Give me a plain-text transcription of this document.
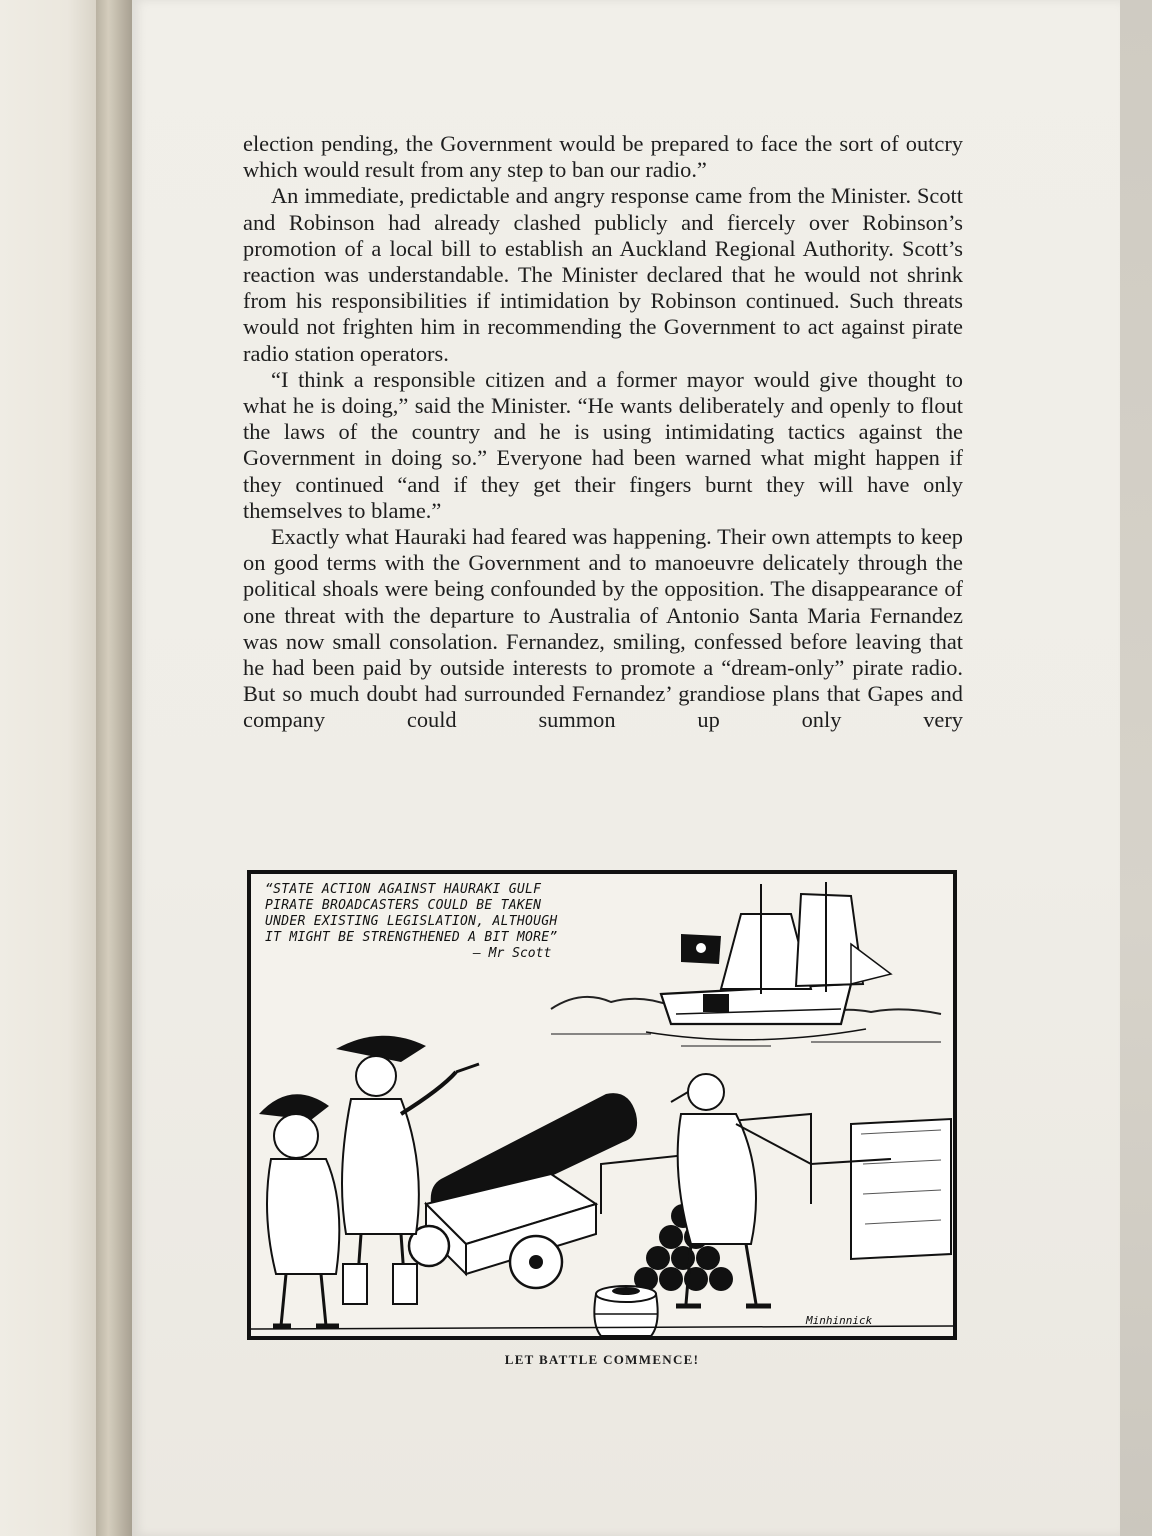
election pending, the Government would be prepared to face the sort of outcry which would result from any step to ban our radio.”

An immediate, predictable and angry response came from the Minister. Scott and Robinson had already clashed publicly and fiercely over Robinson’s promotion of a local bill to establish an Auckland Regional Authority. Scott’s reaction was understandable. The Minister declared that he would not shrink from his responsibilities if intimidation by Robinson continued. Such threats would not frighten him in recommending the Government to act against pirate radio station operators.

“I think a responsible citizen and a former mayor would give thought to what he is doing,” said the Minister. “He wants deliberately and openly to flout the laws of the country and he is using intimidating tactics against the Government in doing so.” Everyone had been warned what might happen if they continued “and if they get their fingers burnt they will have only themselves to blame.”

Exactly what Hauraki had feared was happening. Their own attempts to keep on good terms with the Government and to manoeuvre delicately through the political shoals were being confounded by the opposition. The disappearance of one threat with the departure to Australia of Antonio Santa Maria Fernandez was now small consolation. Fernandez, smiling, confessed before leaving that he had been paid by outside interests to promote a “dream-only” pirate radio. But so much doubt had surrounded Fernandez’ grandiose plans that Gapes and company could summon up only very

“STATE ACTION AGAINST HAURAKI GULF
PIRATE BROADCASTERS COULD BE TAKEN
UNDER EXISTING LEGISLATION, ALTHOUGH
IT MIGHT BE STRENGTHENED A BIT MORE”
— Mr Scott
Minhinnick
LET BATTLE COMMENCE!
